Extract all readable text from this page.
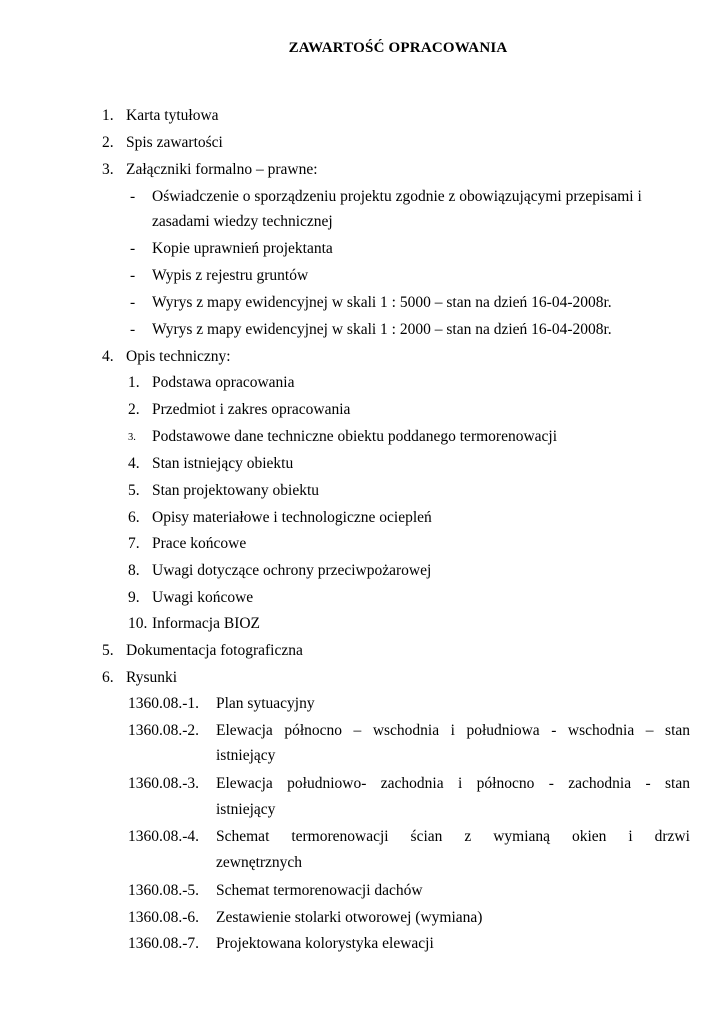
ZAWARTOŚĆ OPRACOWANIA
1. Karta tytułowa
2. Spis zawartości
3. Załączniki formalno – prawne:
- Oświadczenie o sporządzeniu projektu zgodnie z obowiązującymi przepisami i
zasadami wiedzy technicznej
- Kopie uprawnień projektanta
- Wypis z rejestru gruntów
- Wyrys z mapy ewidencyjnej w skali 1 : 5000 – stan na dzień 16-04-2008r.
- Wyrys z mapy ewidencyjnej w skali 1 : 2000 – stan na dzień 16-04-2008r.
4. Opis techniczny:
1. Podstawa opracowania
2. Przedmiot i zakres opracowania
3. Podstawowe dane techniczne obiektu poddanego termorenowacji
4. Stan istniejący obiektu
5. Stan projektowany obiektu
6. Opisy materiałowe i technologiczne ociepleń
7. Prace końcowe
8. Uwagi dotyczące ochrony przeciwpożarowej
9. Uwagi końcowe
10. Informacja BIOZ
5. Dokumentacja fotograficzna
6. Rysunki
1360.08.-1. Plan sytuacyjny
1360.08.-2. Elewacja północno – wschodnia i południowa - wschodnia – stan
istniejący
1360.08.-3. Elewacja południowo- zachodnia i północno - zachodnia - stan
istniejący
1360.08.-4. Schemat termorenowacji ścian z wymianą okien i drzwi
zewnętrznych
1360.08.-5. Schemat termorenowacji dachów
1360.08.-6. Zestawienie stolarki otworowej (wymiana)
1360.08.-7. Projektowana kolorystyka elewacji
